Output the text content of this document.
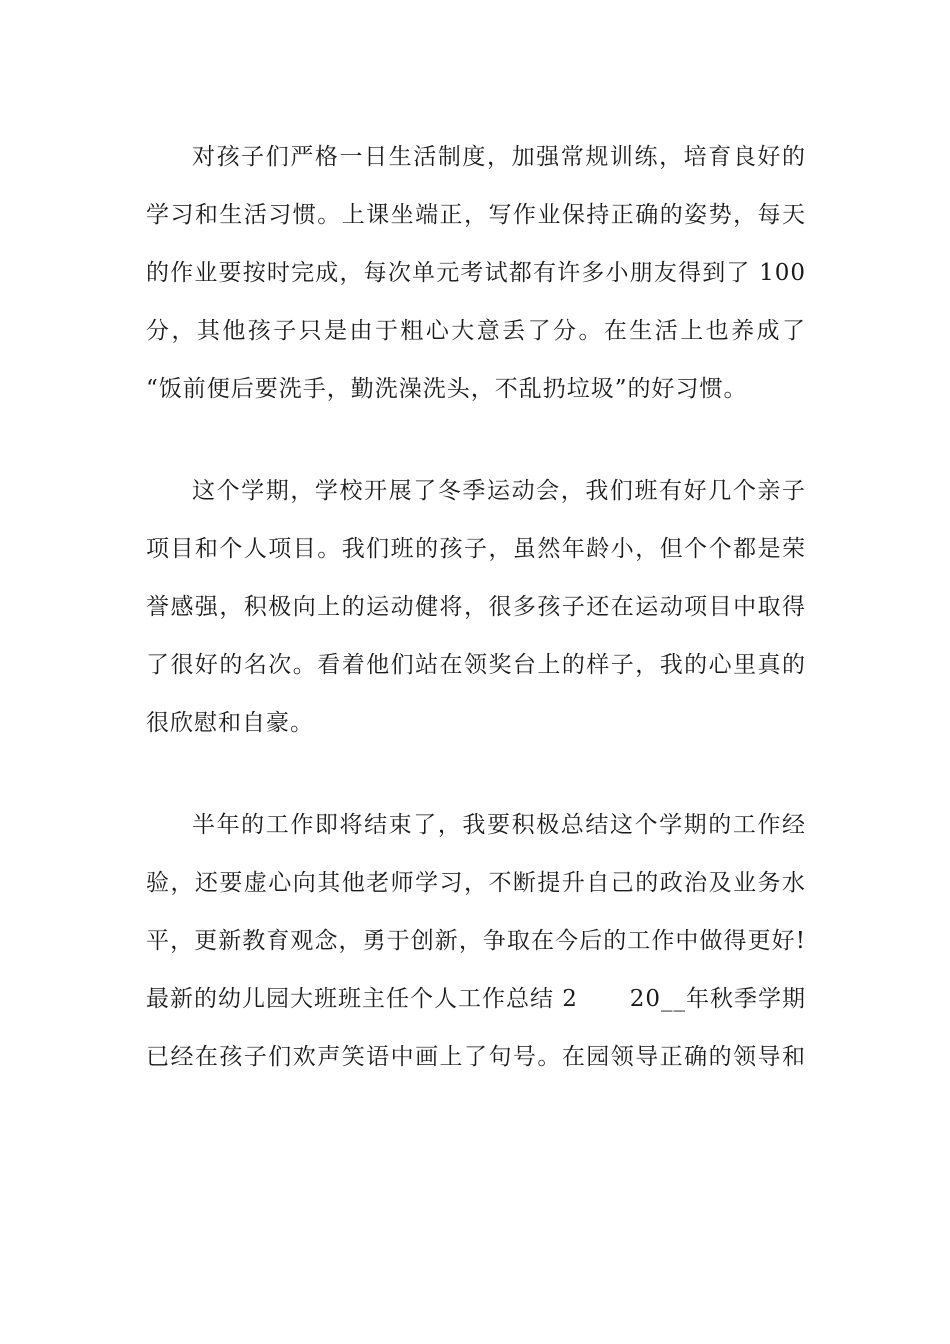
对孩子们严格一日生活制度，加强常规训练，培育良好的
学习和生活习惯。上课坐端正，写作业保持正确的姿势，每天
的作业要按时完成，每次单元考试都有许多小朋友得到了 100
分，其他孩子只是由于粗心大意丢了分。在生活上也养成了
“饭前便后要洗手，勤洗澡洗头，不乱扔垃圾”的好习惯。
这个学期，学校开展了冬季运动会，我们班有好几个亲子
项目和个人项目。我们班的孩子，虽然年龄小，但个个都是荣
誉感强，积极向上的运动健将，很多孩子还在运动项目中取得
了很好的名次。看着他们站在领奖台上的样子，我的心里真的
很欣慰和自豪。
半年的工作即将结束了，我要积极总结这个学期的工作经
验，还要虚心向其他老师学习，不断提升自己的政治及业务水
平，更新教育观念，勇于创新，争取在今后的工作中做得更好!
最新的幼儿园大班班主任个人工作总结 2 20__年秋季学期
已经在孩子们欢声笑语中画上了句号。在园领导正确的领导和
